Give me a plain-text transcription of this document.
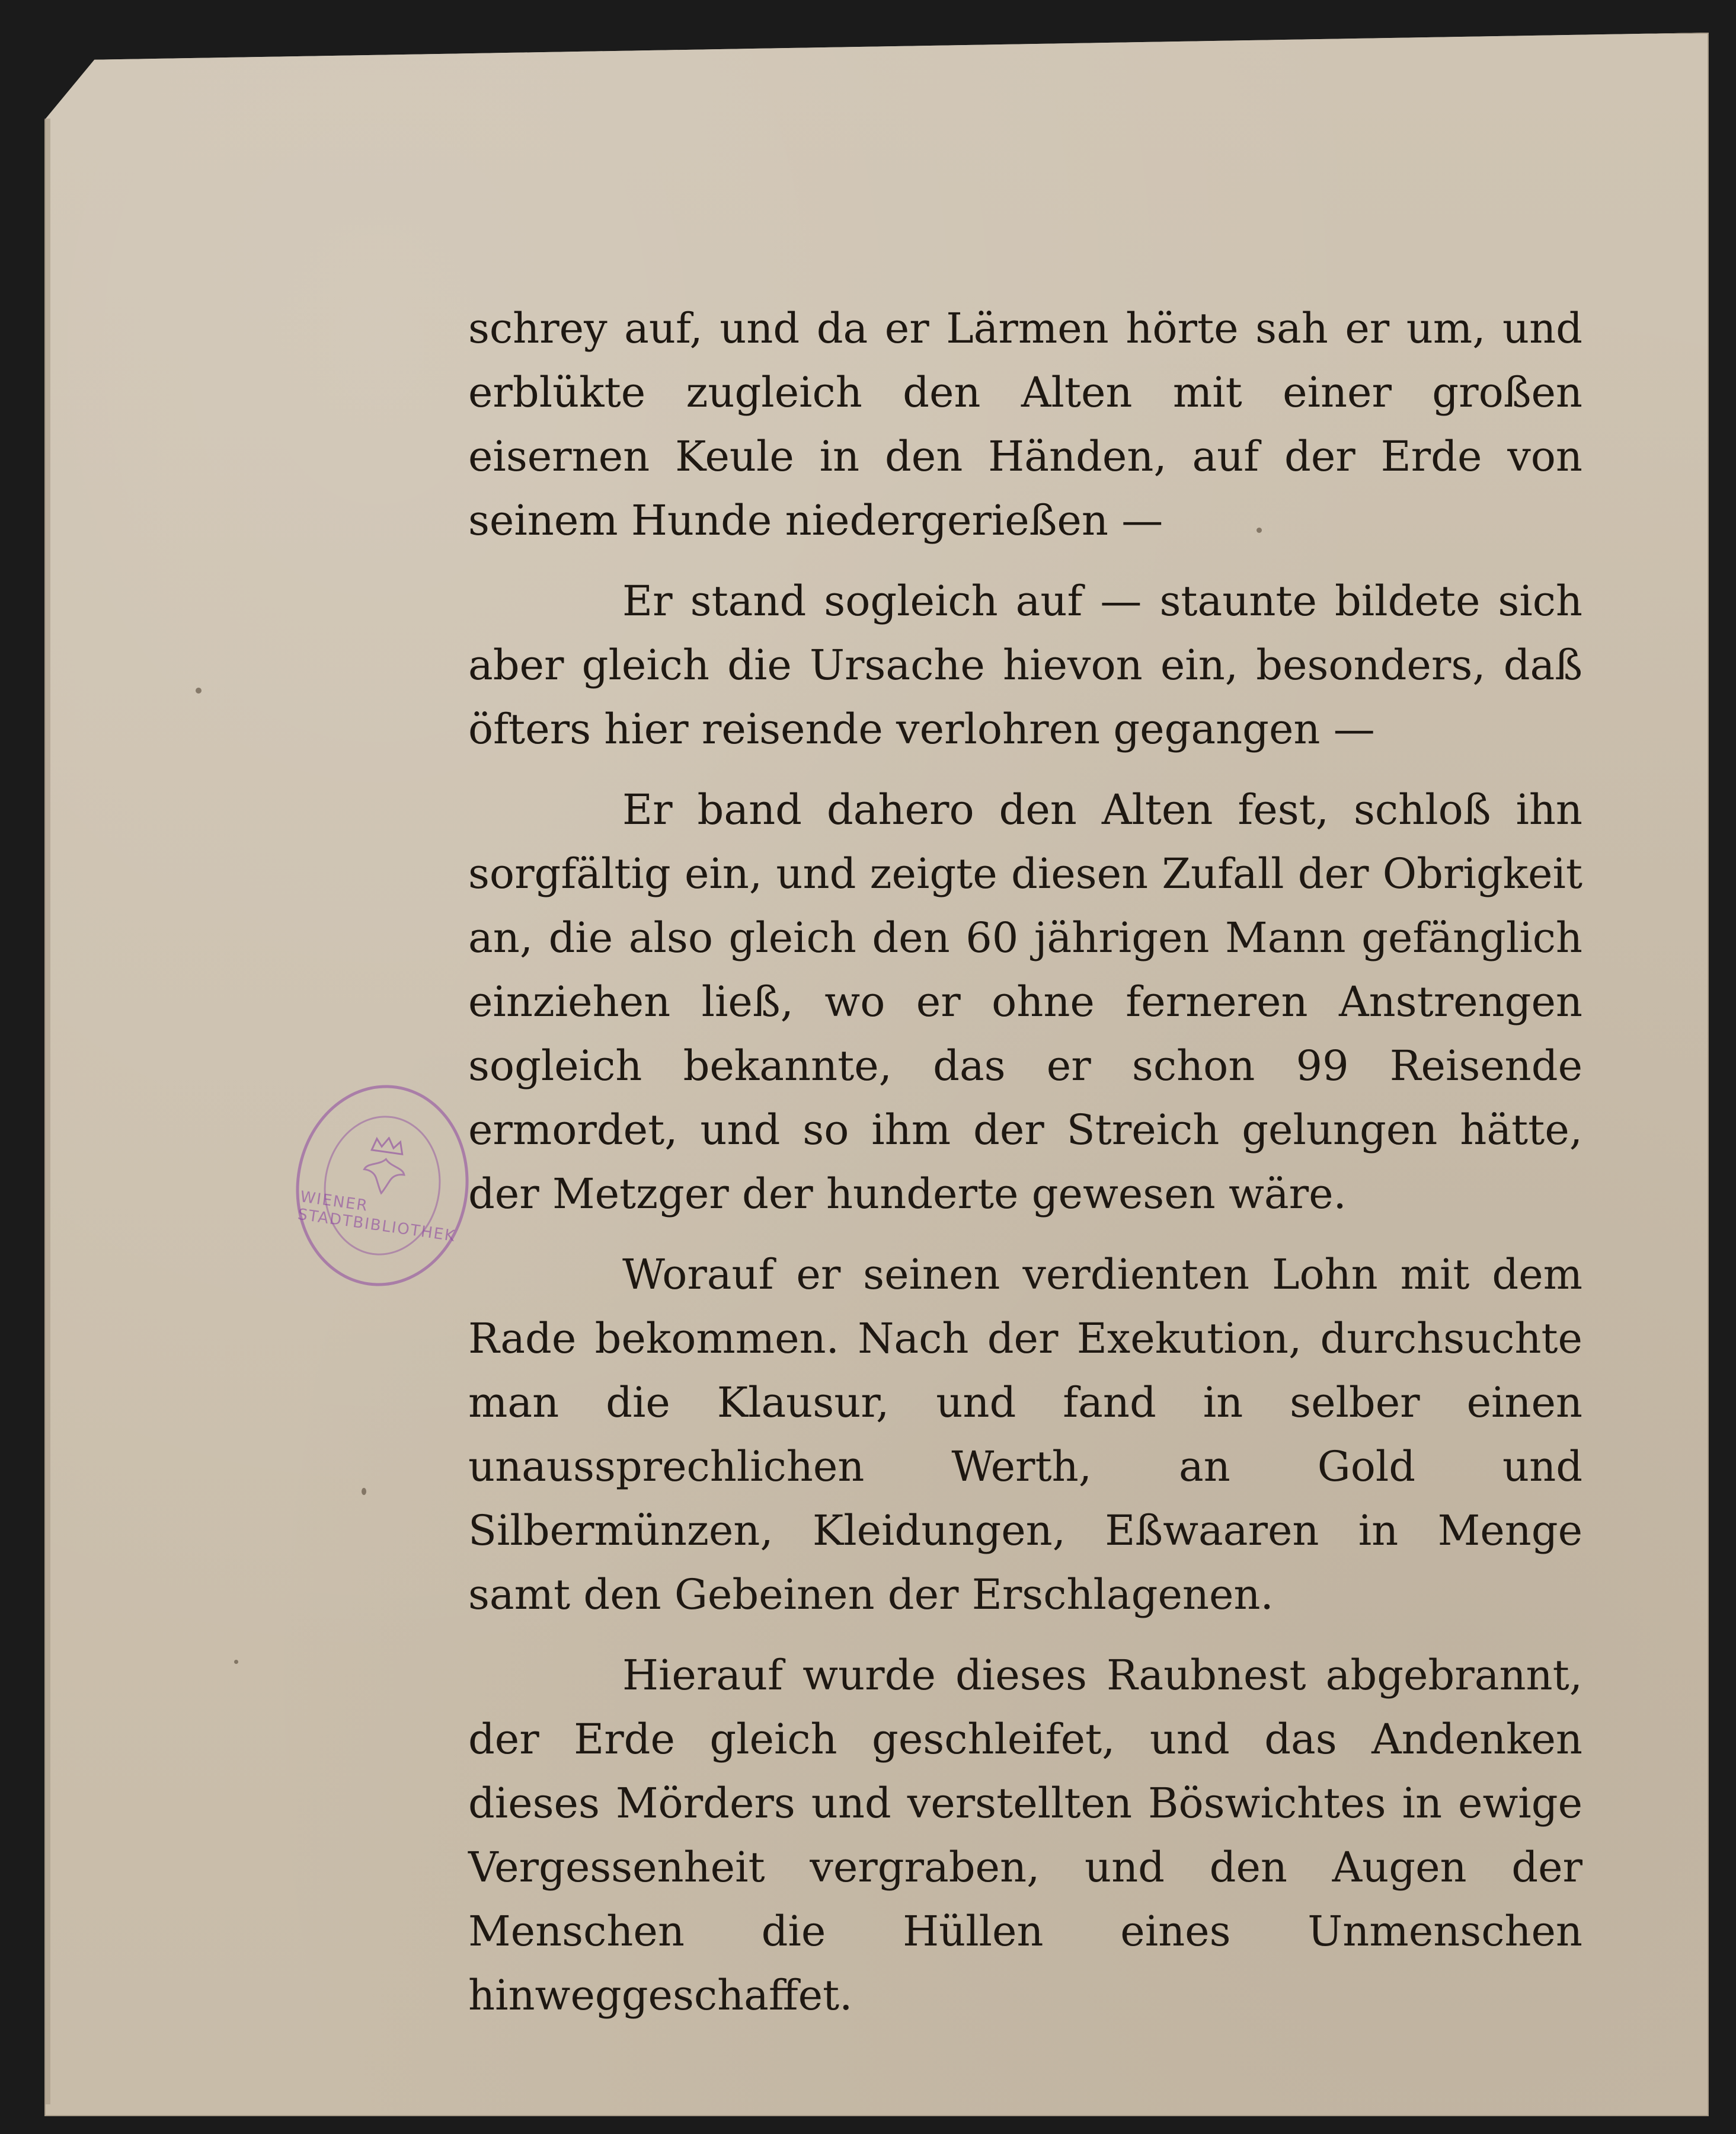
schrey auf, und da er Lärmen hörte sah er um, und erblükte zugleich den Alten mit einer großen eisernen Keule in den Händen, auf der Erde von seinem Hunde niedergerießen —

Er stand sogleich auf — staunte bildete sich aber gleich die Ursache hievon ein, besonders, daß öfters hier reisende verlohren gegangen —

Er band dahero den Alten fest, schloß ihn sorgfältig ein, und zeigte diesen Zufall der Obrigkeit an, die also gleich den 60 jährigen Mann gefänglich einziehen ließ, wo er ohne ferneren Anstrengen sogleich bekannte, das er schon 99 Reisende ermordet, und so ihm der Streich gelungen hätte, der Metzger der hunderte gewesen wäre.

Worauf er seinen verdienten Lohn mit dem Rade bekommen. Nach der Exekution, durchsuchte man die Klausur, und fand in selber einen unaussprechlichen Werth, an Gold und Silbermünzen, Kleidungen, Eßwaaren in Menge samt den Gebeinen der Erschlagenen.

Hierauf wurde dieses Raubnest abgebrannt, der Erde gleich geschleifet, und das Andenken dieses Mörders und verstellten Böswichtes in ewige Vergessenheit vergraben, und den Augen der Menschen die Hüllen eines Unmenschen hinweggeschaffet.

WIENER STADTBIBLIOTHEK
